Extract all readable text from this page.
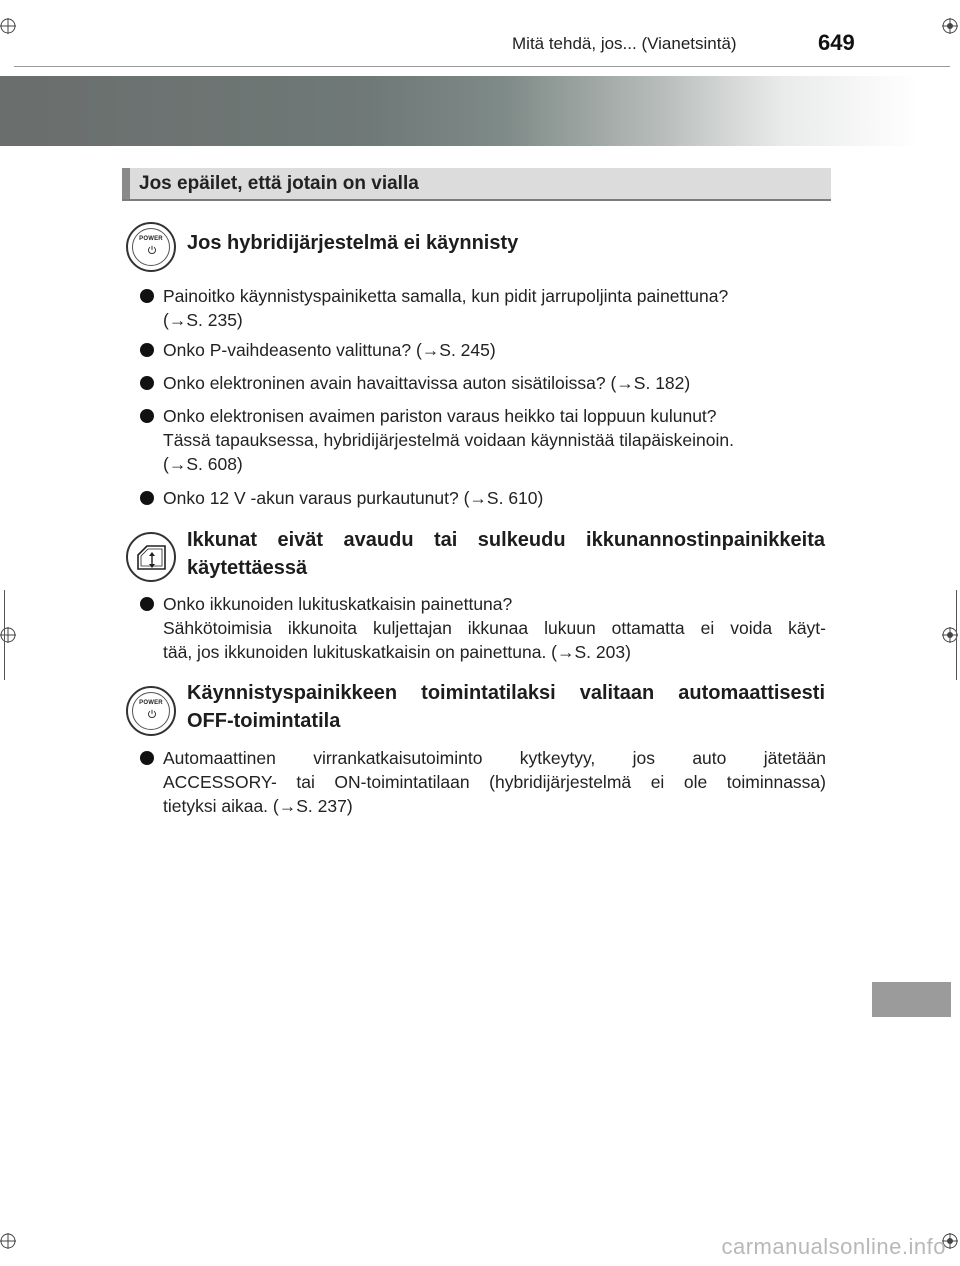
Mitä tehdä, jos... (Vianetsintä)	649
Jos epäilet, että jotain on vialla
POWER	Jos hybridijärjestelmä ei käynnisty
Painoitko käynnistyspainiketta samalla, kun pidit jarrupoljinta painettuna?
(→S. 235)
Onko P-vaihdeasento valittuna? (→S. 245)
Onko elektroninen avain havaittavissa auton sisätiloissa? (→S. 182)
Onko elektronisen avaimen pariston varaus heikko tai loppuun kulunut?
Tässä tapauksessa, hybridijärjestelmä voidaan käynnistää tilapäiskeinoin.
(→S. 608)
Onko 12 V -akun varaus purkautunut? (→S. 610)
Ikkunat eivät avaudu tai sulkeudu ikkunannostinpainikkeita
käytettäessä
Onko ikkunoiden lukituskatkaisin painettuna?
Sähkötoimisia ikkunoita kuljettajan ikkunaa lukuun ottamatta ei voida käyt-
tää, jos ikkunoiden lukituskatkaisin on painettuna. (→S. 203)
POWER	Käynnistyspainikkeen toimintatilaksi valitaan automaattisesti
OFF-toimintatila
Automaattinen virrankatkaisutoiminto kytkeytyy, jos auto jätetään
ACCESSORY- tai ON-toimintatilaan (hybridijärjestelmä ei ole toiminnassa)
tietyksi aikaa. (→S. 237)
carmanualsonline.info
